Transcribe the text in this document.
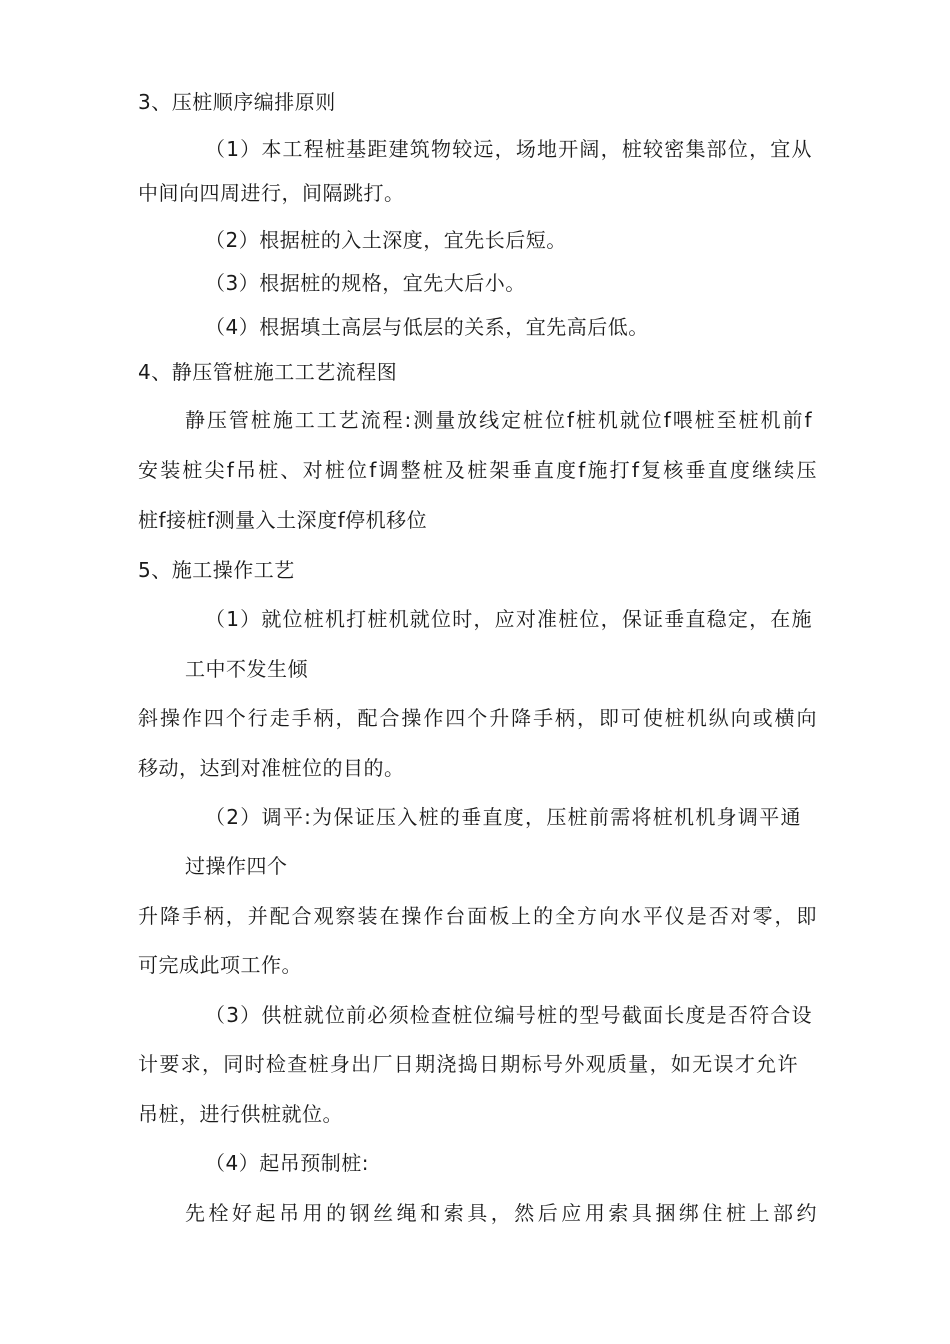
3、压桩顺序编排原则
（1）本工程桩基距建筑物较远，场地开阔，桩较密集部位，宜从
中间向四周进行，间隔跳打。
（2）根据桩的入土深度，宜先长后短。
（3）根据桩的规格，宜先大后小。
（4）根据填土高层与低层的关系，宜先高后低。
4、静压管桩施工工艺流程图
静压管桩施工工艺流程:测量放线定桩位f桩机就位f喂桩至桩机前f
安装桩尖f吊桩、对桩位f调整桩及桩架垂直度f施打f复核垂直度继续压
桩f接桩f测量入土深度f停机移位
5、施工操作工艺
（1）就位桩机打桩机就位时，应对准桩位，保证垂直稳定，在施
工中不发生倾
斜操作四个行走手柄，配合操作四个升降手柄，即可使桩机纵向或横向
移动，达到对准桩位的目的。
（2）调平:为保证压入桩的垂直度，压桩前需将桩机机身调平通
过操作四个
升降手柄，并配合观察装在操作台面板上的全方向水平仪是否对零，即
可完成此项工作。
（3）供桩就位前必须检查桩位编号桩的型号截面长度是否符合设
计要求，同时检查桩身出厂日期浇捣日期标号外观质量，如无误才允许
吊桩，进行供桩就位。
（4）起吊预制桩:
先栓好起吊用的钢丝绳和索具，然后应用索具捆绑住桩上部约
